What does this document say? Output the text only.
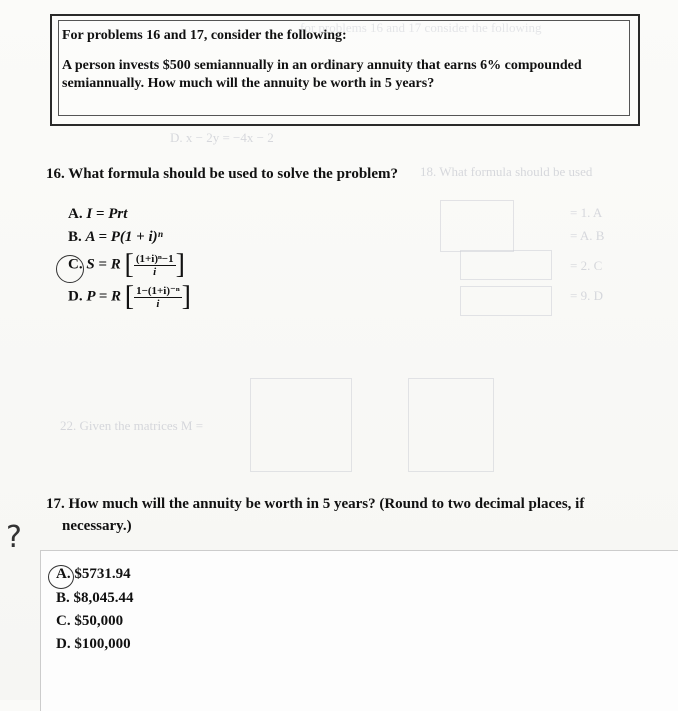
for problems 16 and 17 consider the following
D. x − 2y = −4x − 2
18. What formula should be used
= 1. A
= A. B
= 2. C
= 9. D
22. Given the matrices M =
For problems 16 and 17, consider the following:
A person invests $500 semiannually in an ordinary annuity that earns 6% compounded
semiannually. How much will the annuity be worth in 5 years?
16. What formula should be used to solve the problem?
A. I = Prt
B. A = P(1 + i)ⁿ
C. S = R [ $\frac{\text{(1+i)ⁿ−1}}{i}$ ]
D. P = R [ $\frac{\text{1−(1+i)⁻ⁿ}}{i}$ ]
17. How much will the annuity be worth in 5 years? (Round to two decimal places, if
necessary.)
?
A. $5731.94
B. $8,045.44
C. $50,000
D. $100,000
